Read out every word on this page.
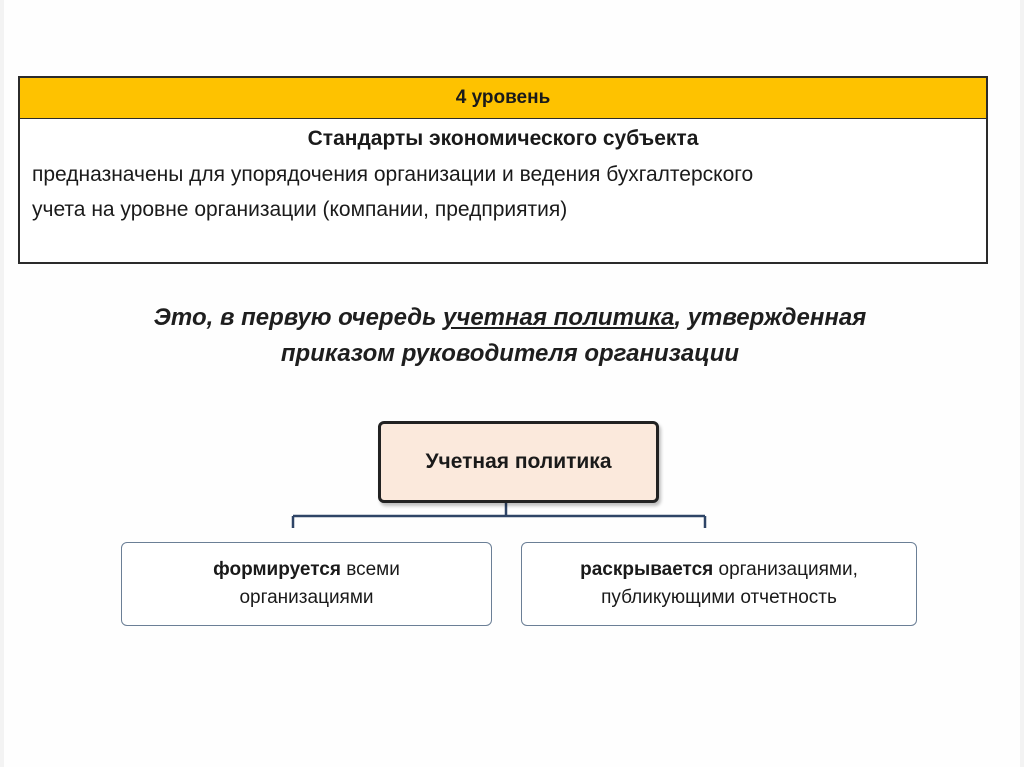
4 уровень
Стандарты экономического субъекта
предназначены для упорядочения организации и ведения бухгалтерского
учета на уровне организации (компании, предприятия)
Это, в первую очередь учетная политика, утвержденная
приказом руководителя организации
Учетная политика
формируется всеми
организациями
раскрывается организациями,
публикующими отчетность
